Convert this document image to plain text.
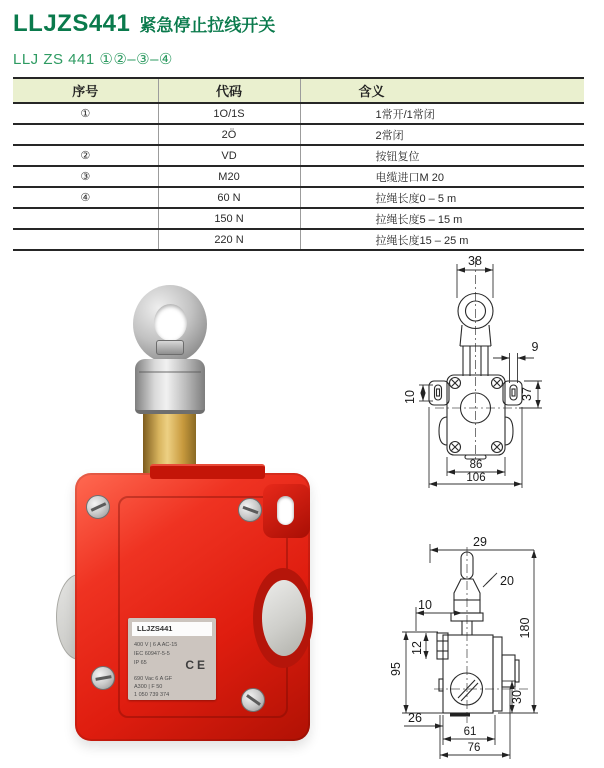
LLJZS441 紧急停止拉线开关
LLJ ZS 441 ①②–③–④
序号	代码	含义
①	1O/1S	1常开/1常闭
	2Ö	2常闭
②	VD	按钮复位
③	M20	电缆进口M 20
④	60 N	拉绳长度0 – 5 m
	150 N	拉绳长度5 – 15 m
	220 N	拉绳长度15 – 25 m
LLJZS441
400 V | 6 A AC-15
IEC 60947-5-5
IP 65	CE
690 Vac 6 A GF
A300 | F 50
1 050 739 374
38
9
37
10
86
106
29
20
10
180
95
12
30
26
61
76
